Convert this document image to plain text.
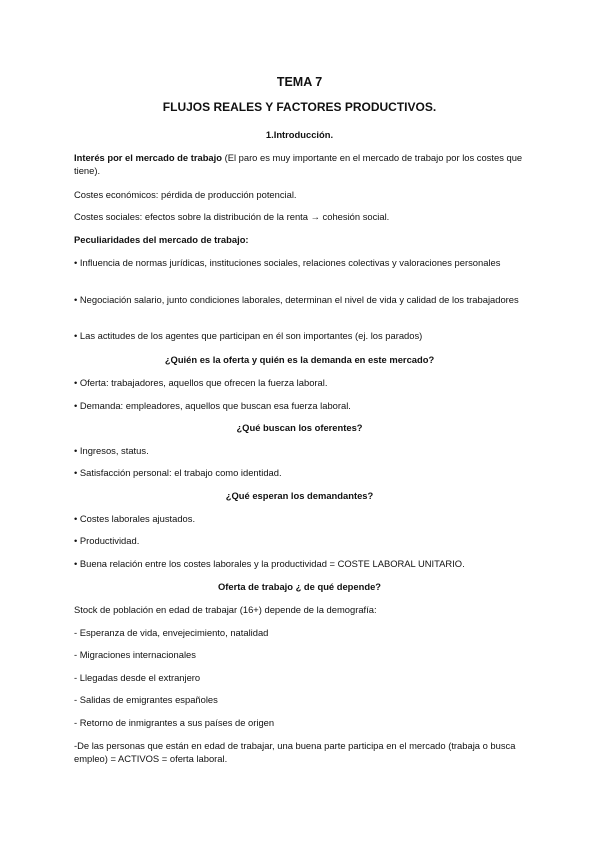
TEMA 7
FLUJOS REALES Y FACTORES PRODUCTIVOS.
1.Introducción.
Interés por el mercado de trabajo (El paro es muy importante en el mercado de trabajo por los costes que tiene).
Costes económicos: pérdida de producción potencial.
Costes sociales: efectos sobre la distribución de la renta → cohesión social.
Peculiaridades del mercado de trabajo:
• Influencia de normas jurídicas, instituciones sociales, relaciones colectivas y valoraciones personales
• Negociación salario, junto condiciones laborales, determinan el nivel de vida y calidad de los trabajadores
• Las actitudes de los agentes que participan en él son importantes (ej. los parados)
¿Quién es la oferta y quién es la demanda en este mercado?
• Oferta: trabajadores, aquellos que ofrecen la fuerza laboral.
• Demanda: empleadores, aquellos que buscan esa fuerza laboral.
¿Qué buscan los oferentes?
• Ingresos, status.
• Satisfacción personal: el trabajo como identidad.
¿Qué esperan los demandantes?
• Costes laborales ajustados.
• Productividad.
• Buena relación entre los costes laborales y la productividad = COSTE LABORAL UNITARIO.
Oferta de trabajo ¿ de qué depende?
Stock de población en edad de trabajar (16+) depende de la demografía:
- Esperanza de vida, envejecimiento, natalidad
- Migraciones internacionales
- Llegadas desde el extranjero
- Salidas de emigrantes españoles
- Retorno de inmigrantes a sus países de origen
-De las personas que están en edad de trabajar, una buena parte participa en el mercado (trabaja o busca empleo) = ACTIVOS = oferta laboral.
